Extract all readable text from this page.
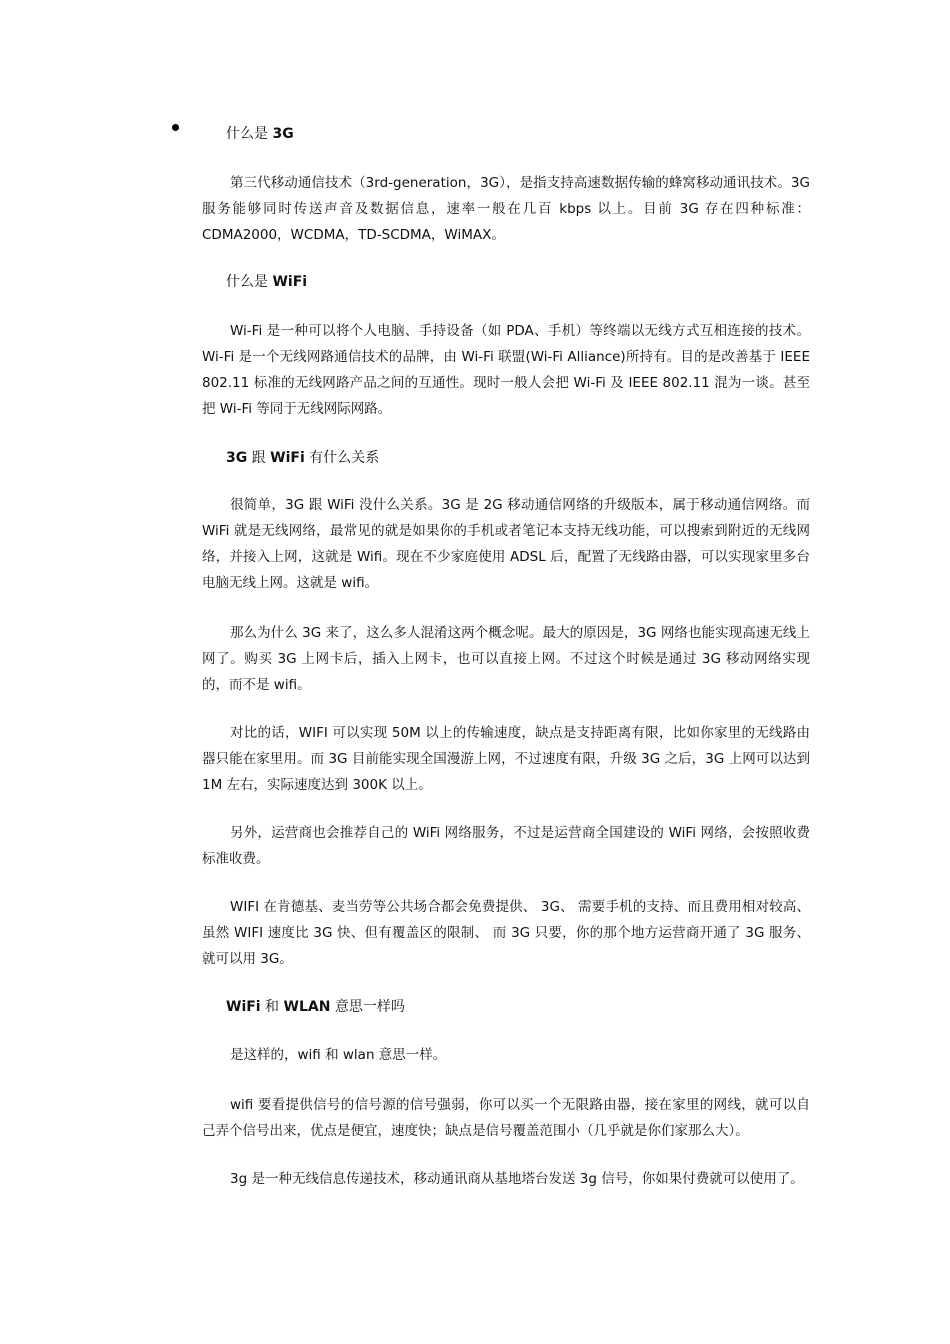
什么是 3G

第三代移动通信技术（3rd-generation，3G），是指支持高速数据传输的蜂窝移动通讯技术。3G 服务能够同时传送声音及数据信息，速率一般在几百 kbps 以上。目前 3G 存在四种标准：CDMA2000，WCDMA，TD-SCDMA，WiMAX。

什么是 WiFi

Wi-Fi 是一种可以将个人电脑、手持设备（如 PDA、手机）等终端以无线方式互相连接的技术。Wi-Fi 是一个无线网路通信技术的品牌，由 Wi-Fi 联盟(Wi-Fi Alliance)所持有。目的是改善基于 IEEE 802.11 标准的无线网路产品之间的互通性。现时一般人会把 Wi-Fi 及 IEEE 802.11 混为一谈。甚至把 Wi-Fi 等同于无线网际网路。

3G 跟 WiFi 有什么关系

很简单，3G 跟 WiFi 没什么关系。3G 是 2G 移动通信网络的升级版本，属于移动通信网络。而 WiFi 就是无线网络，最常见的就是如果你的手机或者笔记本支持无线功能，可以搜索到附近的无线网络，并接入上网，这就是 Wifi。现在不少家庭使用 ADSL 后，配置了无线路由器，可以实现家里多台电脑无线上网。这就是 wifi。

那么为什么 3G 来了，这么多人混淆这两个概念呢。最大的原因是，3G 网络也能实现高速无线上网了。购买 3G 上网卡后，插入上网卡，也可以直接上网。不过这个时候是通过 3G 移动网络实现的，而不是 wifi。

对比的话，WIFI 可以实现 50M 以上的传输速度，缺点是支持距离有限，比如你家里的无线路由器只能在家里用。而 3G 目前能实现全国漫游上网，不过速度有限，升级 3G 之后，3G 上网可以达到 1M 左右，实际速度达到 300K 以上。

另外，运营商也会推荐自己的 WiFi 网络服务，不过是运营商全国建设的 WiFi 网络，会按照收费标准收费。

WIFI 在肯德基、麦当劳等公共场合都会免费提供、 3G、 需要手机的支持、而且费用相对较高、 虽然 WIFI 速度比 3G 快、但有覆盖区的限制、 而 3G 只要，你的那个地方运营商开通了 3G 服务、就可以用 3G。

WiFi 和 WLAN 意思一样吗

是这样的，wifi 和 wlan 意思一样。

wifi 要看提供信号的信号源的信号强弱，你可以买一个无限路由器，接在家里的网线，就可以自己弄个信号出来，优点是便宜，速度快；缺点是信号覆盖范围小（几乎就是你们家那么大）。

3g 是一种无线信息传递技术，移动通讯商从基地塔台发送 3g 信号，你如果付费就可以使用了。
